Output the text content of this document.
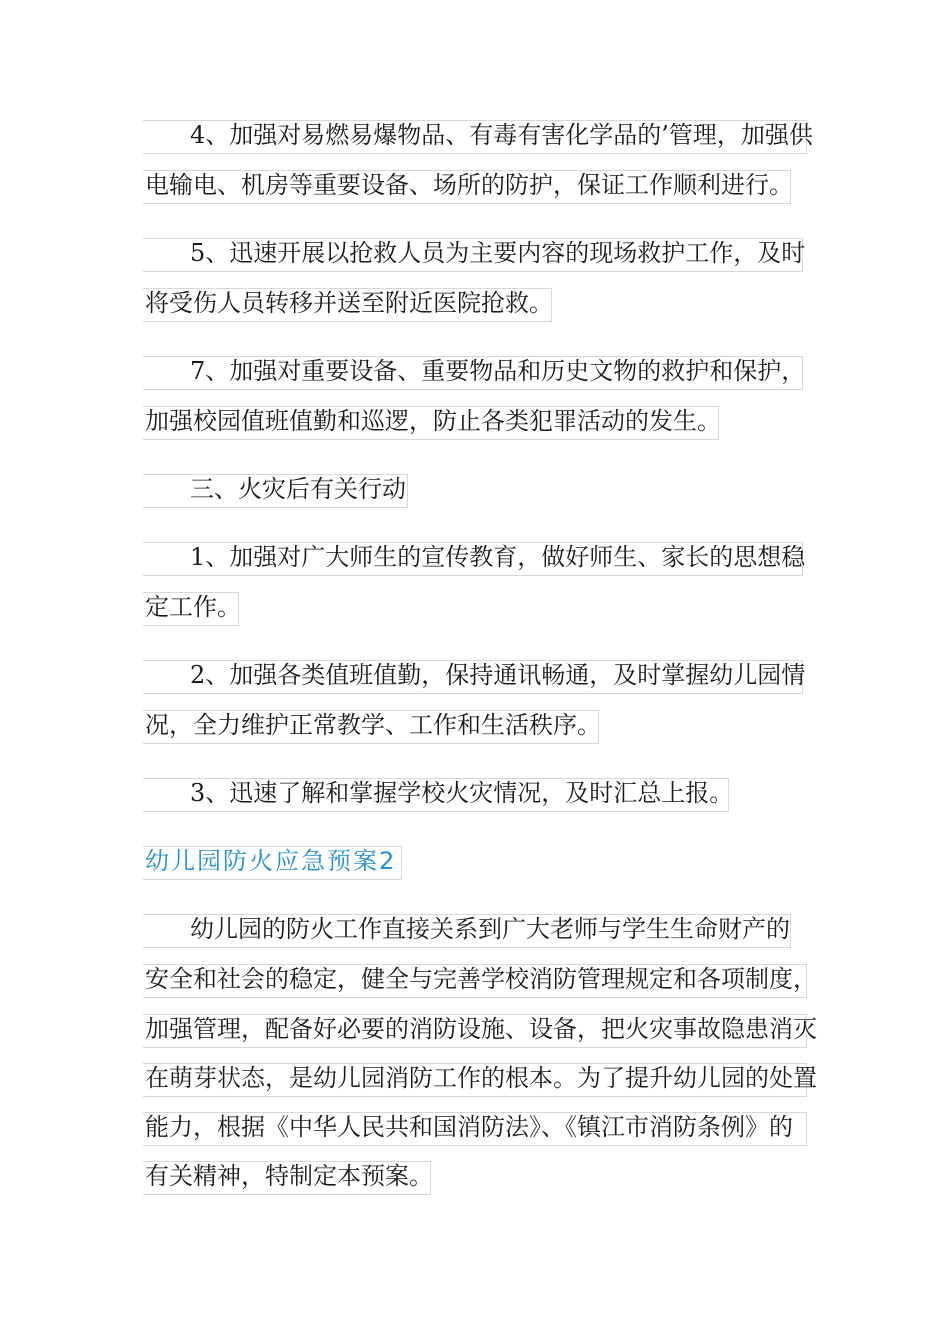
4、加强对易燃易爆物品、有毒有害化学品的’管理，加强供
电输电、机房等重要设备、场所的防护，保证工作顺利进行。
5、迅速开展以抢救人员为主要内容的现场救护工作，及时
将受伤人员转移并送至附近医院抢救。
7、加强对重要设备、重要物品和历史文物的救护和保护，
加强校园值班值勤和巡逻，防止各类犯罪活动的发生。
三、火灾后有关行动
1、加强对广大师生的宣传教育，做好师生、家长的思想稳
定工作。
2、加强各类值班值勤，保持通讯畅通，及时掌握幼儿园情
况，全力维护正常教学、工作和生活秩序。
3、迅速了解和掌握学校火灾情况，及时汇总上报。
幼儿园防火应急预案2
幼儿园的防火工作直接关系到广大老师与学生生命财产的
安全和社会的稳定，健全与完善学校消防管理规定和各项制度，
加强管理，配备好必要的消防设施、设备，把火灾事故隐患消灭
在萌芽状态，是幼儿园消防工作的根本。为了提升幼儿园的处置
能力，根据《中华人民共和国消防法》、《镇江市消防条例》的
有关精神，特制定本预案。
